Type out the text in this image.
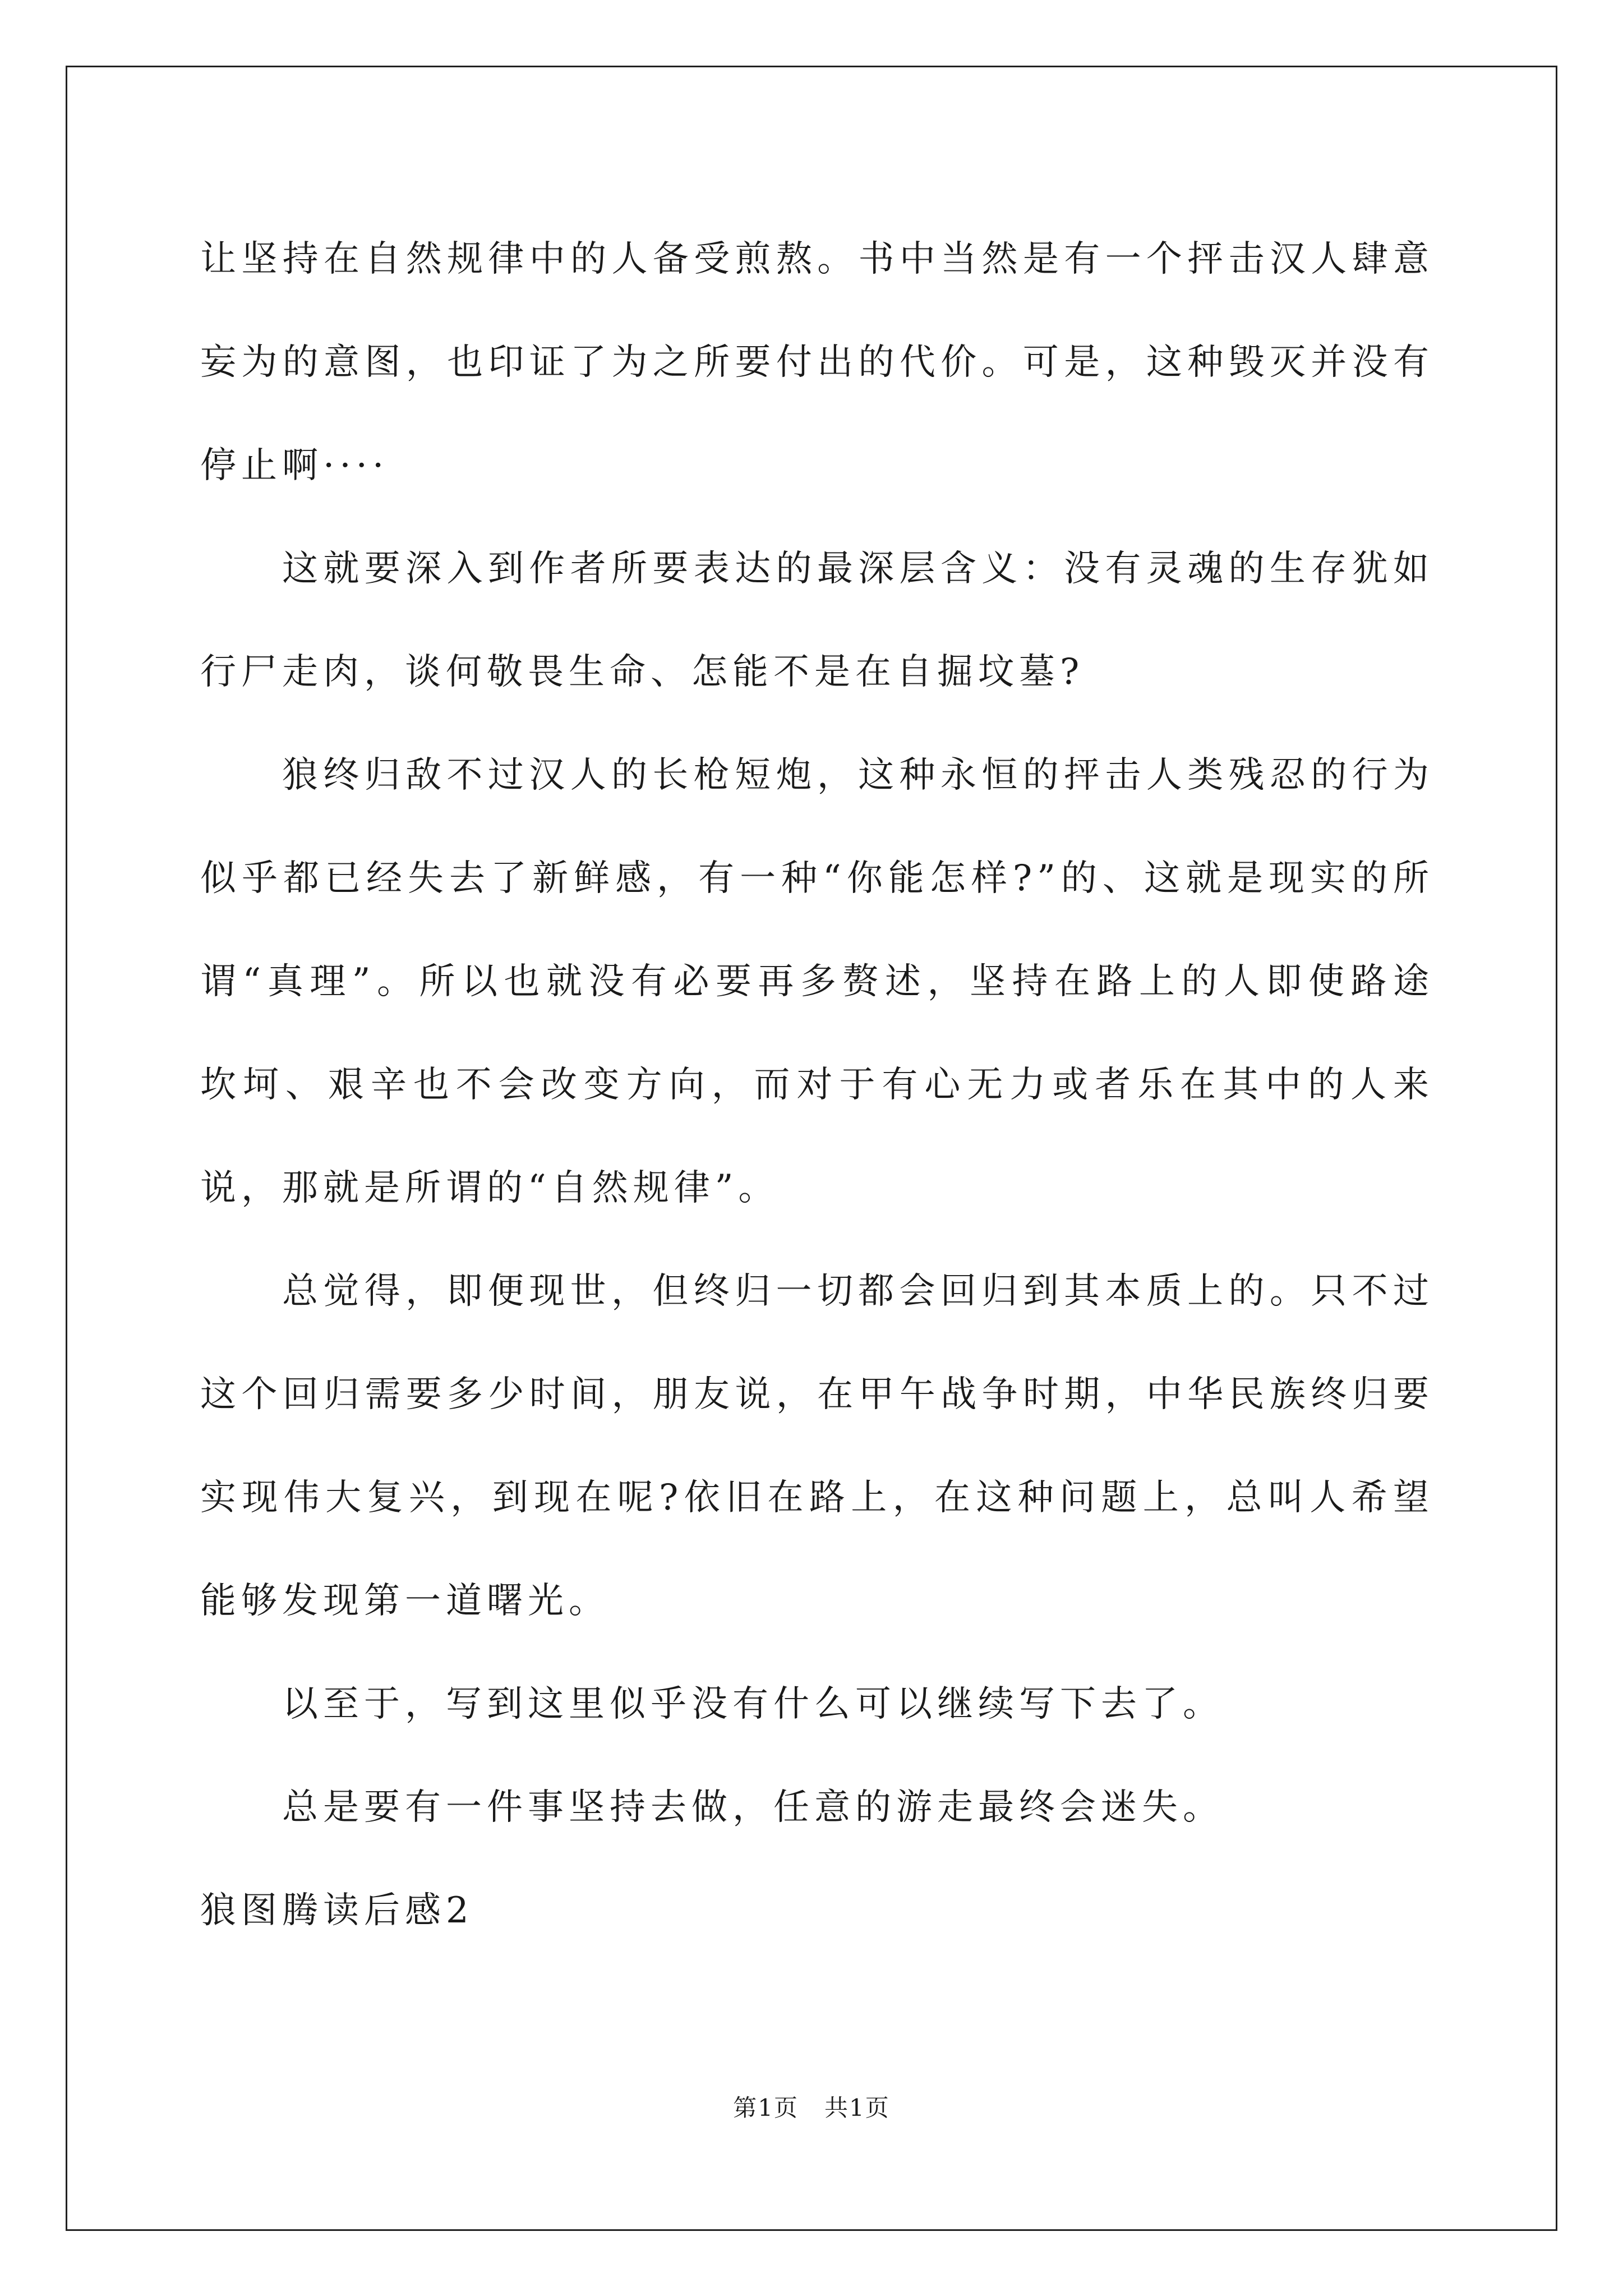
让坚持在自然规律中的人备受煎熬。书中当然是有一个抨击汉人肆意妄为的意图，也印证了为之所要付出的代价。可是，这种毁灭并没有停止啊····

这就要深入到作者所要表达的最深层含义：没有灵魂的生存犹如行尸走肉，谈何敬畏生命、怎能不是在自掘坟墓?

狼终归敌不过汉人的长枪短炮，这种永恒的抨击人类残忍的行为似乎都已经失去了新鲜感，有一种“你能怎样?”的、这就是现实的所谓“真理”。所以也就没有必要再多赘述，坚持在路上的人即使路途坎坷、艰辛也不会改变方向，而对于有心无力或者乐在其中的人来说，那就是所谓的“自然规律”。

总觉得，即便现世，但终归一切都会回归到其本质上的。只不过这个回归需要多少时间，朋友说，在甲午战争时期，中华民族终归要实现伟大复兴，到现在呢?依旧在路上，在这种问题上，总叫人希望能够发现第一道曙光。

以至于，写到这里似乎没有什么可以继续写下去了。

总是要有一件事坚持去做，任意的游走最终会迷失。

狼图腾读后感2

第1页   共1页
